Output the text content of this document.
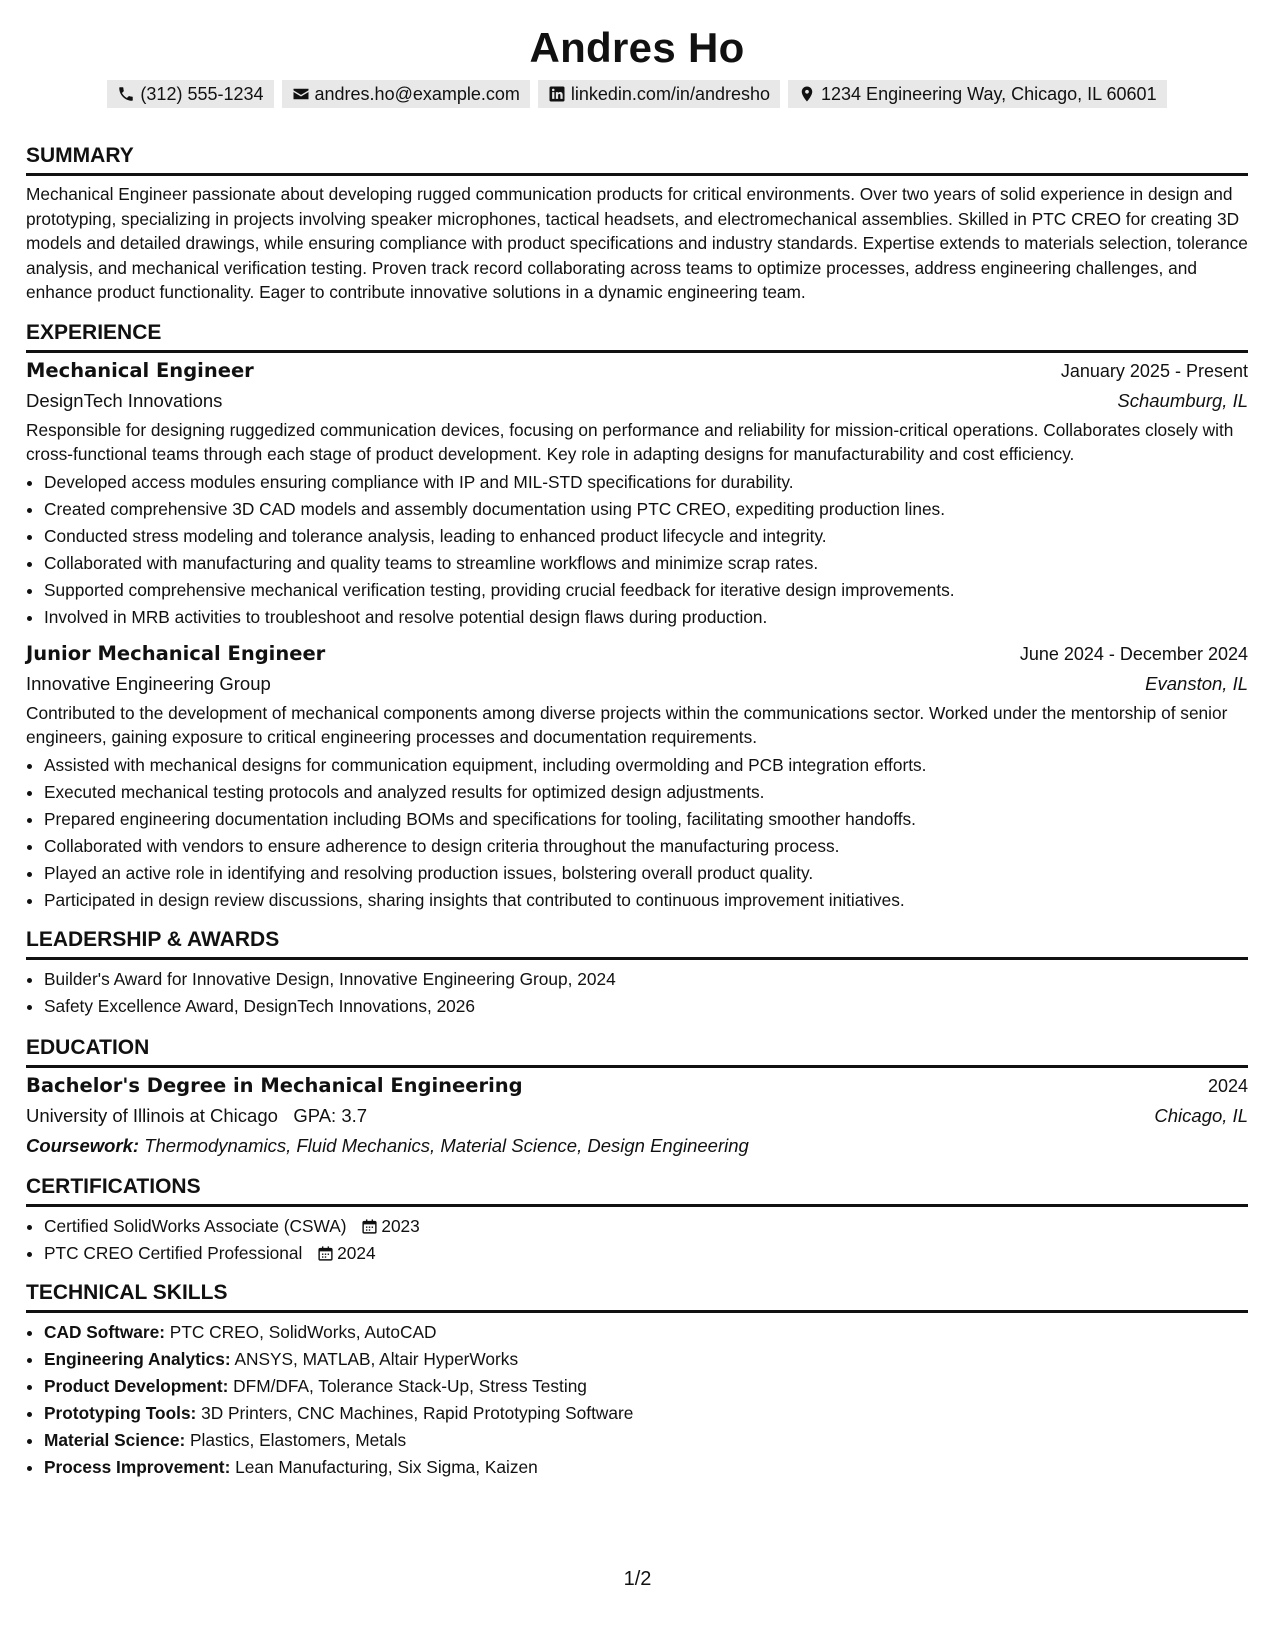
Andres Ho
(312) 555-1234	andres.ho@example.com	linkedin.com/in/andresho	1234 Engineering Way, Chicago, IL 60601
SUMMARY

Mechanical Engineer passionate about developing rugged communication products for critical environments. Over two years of solid experience in design and prototyping, specializing in projects involving speaker microphones, tactical headsets, and electromechanical assemblies. Skilled in PTC CREO for creating 3D models and detailed drawings, while ensuring compliance with product specifications and industry standards. Expertise extends to materials selection, tolerance analysis, and mechanical verification testing. Proven track record collaborating across teams to optimize processes, address engineering challenges, and enhance product functionality. Eager to contribute innovative solutions in a dynamic engineering team.

EXPERIENCE
Mechanical Engineer	January 2025 - Present
DesignTech Innovations	Schaumburg, IL

Responsible for designing ruggedized communication devices, focusing on performance and reliability for mission-critical operations. Collaborates closely with cross-functional teams through each stage of product development. Key role in adapting designs for manufacturability and cost efficiency.

• Developed access modules ensuring compliance with IP and MIL-STD specifications for durability.
• Created comprehensive 3D CAD models and assembly documentation using PTC CREO, expediting production lines.
• Conducted stress modeling and tolerance analysis, leading to enhanced product lifecycle and integrity.
• Collaborated with manufacturing and quality teams to streamline workflows and minimize scrap rates.
• Supported comprehensive mechanical verification testing, providing crucial feedback for iterative design improvements.
• Involved in MRB activities to troubleshoot and resolve potential design flaws during production.
Junior Mechanical Engineer	June 2024 - December 2024
Innovative Engineering Group	Evanston, IL

Contributed to the development of mechanical components among diverse projects within the communications sector. Worked under the mentorship of senior engineers, gaining exposure to critical engineering processes and documentation requirements.

• Assisted with mechanical designs for communication equipment, including overmolding and PCB integration efforts.
• Executed mechanical testing protocols and analyzed results for optimized design adjustments.
• Prepared engineering documentation including BOMs and specifications for tooling, facilitating smoother handoffs.
• Collaborated with vendors to ensure adherence to design criteria throughout the manufacturing process.
• Played an active role in identifying and resolving production issues, bolstering overall product quality.
• Participated in design review discussions, sharing insights that contributed to continuous improvement initiatives.
LEADERSHIP & AWARDS
• Builder's Award for Innovative Design, Innovative Engineering Group, 2024
• Safety Excellence Award, DesignTech Innovations, 2026
EDUCATION
Bachelor's Degree in Mechanical Engineering	2024
University of Illinois at Chicago GPA: 3.7	Chicago, IL
Coursework: Thermodynamics, Fluid Mechanics, Material Science, Design Engineering
CERTIFICATIONS
• Certified SolidWorks Associate (CSWA) 2023
• PTC CREO Certified Professional 2024
TECHNICAL SKILLS
• CAD Software: PTC CREO, SolidWorks, AutoCAD
• Engineering Analytics: ANSYS, MATLAB, Altair HyperWorks
• Product Development: DFM/DFA, Tolerance Stack-Up, Stress Testing
• Prototyping Tools: 3D Printers, CNC Machines, Rapid Prototyping Software
• Material Science: Plastics, Elastomers, Metals
• Process Improvement: Lean Manufacturing, Six Sigma, Kaizen
1/2
